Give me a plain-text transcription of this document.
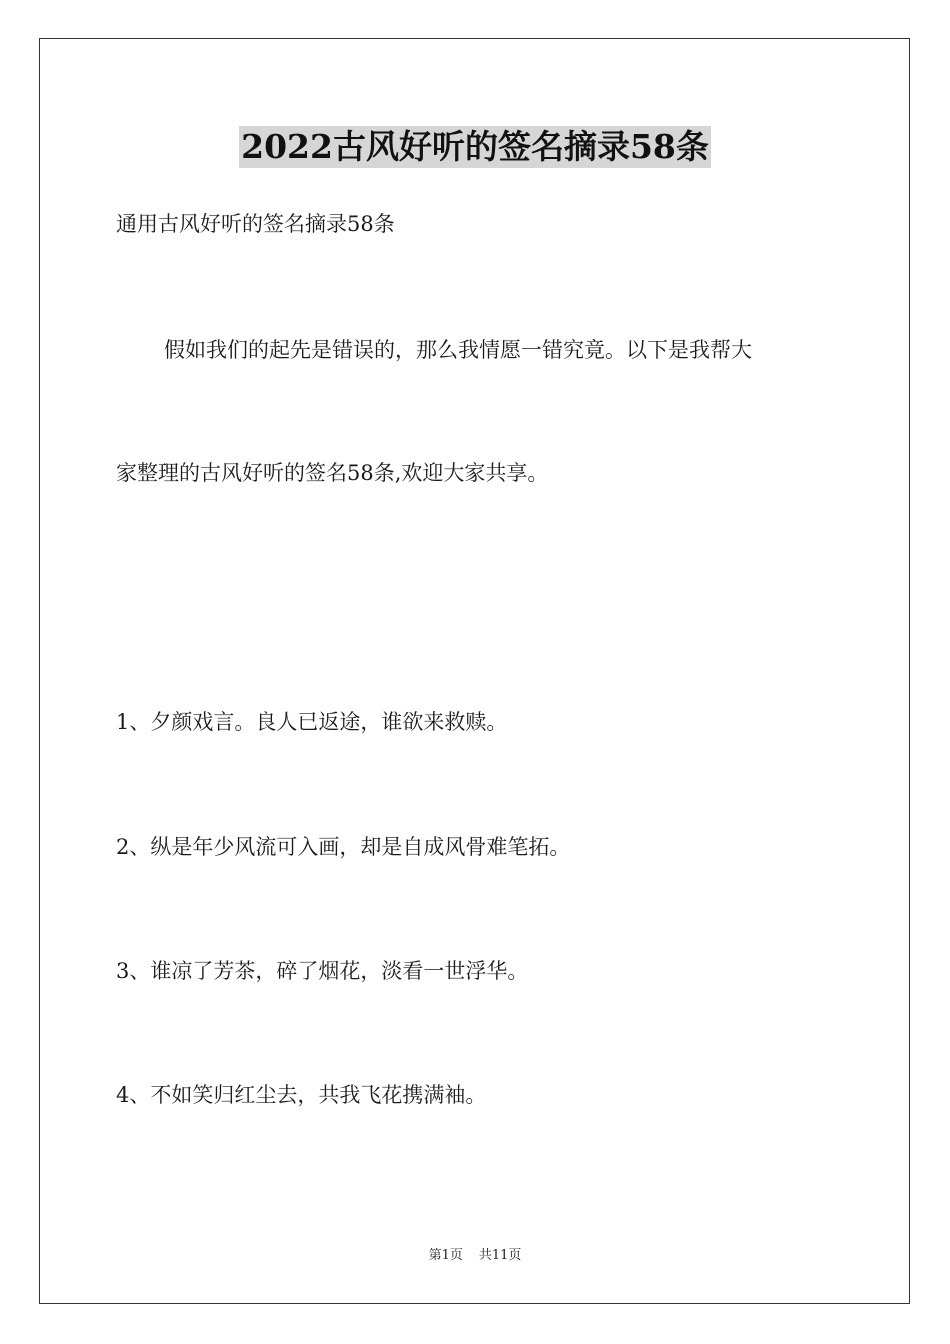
2022古风好听的签名摘录58条
通用古风好听的签名摘录58条
假如我们的起先是错误的，那么我情愿一错究竟。以下是我帮大
家整理的古风好听的签名58条,欢迎大家共享。
1、夕颜戏言。良人已返途，谁欲来救赎。
2、纵是年少风流可入画，却是自成风骨难笔拓。
3、谁凉了芳茶，碎了烟花，淡看一世浮华。
4、不如笑归红尘去，共我飞花携满袖。
第1页 共11页
